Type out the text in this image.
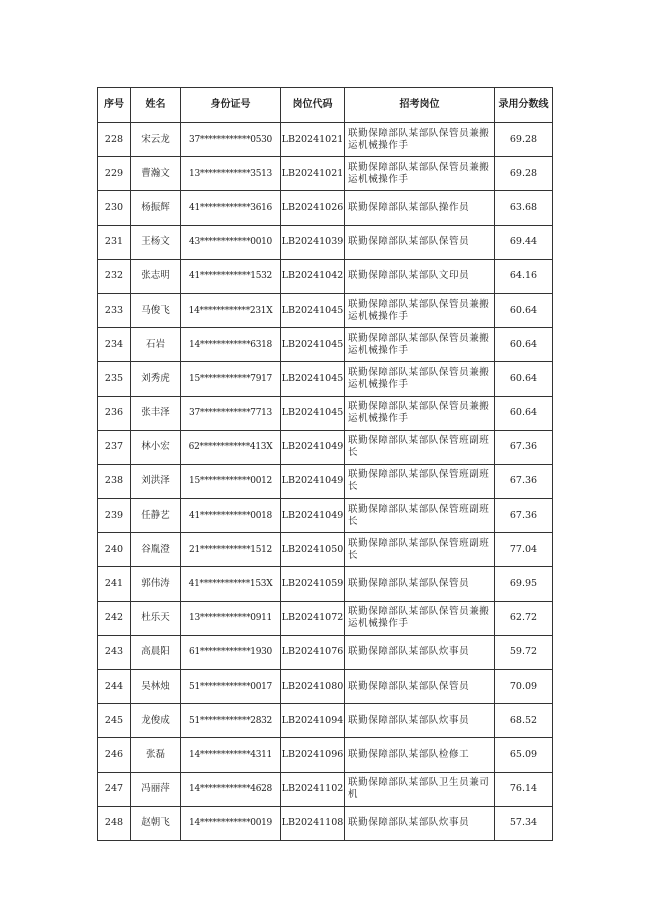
序号	姓名	身份证号	岗位代码	招考岗位	录用分数线
228	宋云龙	37************0530	LB20241021	联勤保障部队某部队保管员兼搬运机械操作手	69.28
229	曹瀚文	13************3513	LB20241021	联勤保障部队某部队保管员兼搬运机械操作手	69.28
230	杨振辉	41************3616	LB20241026	联勤保障部队某部队操作员	63.68
231	王杨文	43************0010	LB20241039	联勤保障部队某部队保管员	69.44
232	张志明	41************1532	LB20241042	联勤保障部队某部队文印员	64.16
233	马俊飞	14************231X	LB20241045	联勤保障部队某部队保管员兼搬运机械操作手	60.64
234	石岩	14************6318	LB20241045	联勤保障部队某部队保管员兼搬运机械操作手	60.64
235	刘秀虎	15************7917	LB20241045	联勤保障部队某部队保管员兼搬运机械操作手	60.64
236	张丰泽	37************7713	LB20241045	联勤保障部队某部队保管员兼搬运机械操作手	60.64
237	林小宏	62************413X	LB20241049	联勤保障部队某部队保管班副班长	67.36
238	刘洪泽	15************0012	LB20241049	联勤保障部队某部队保管班副班长	67.36
239	任静艺	41************0018	LB20241049	联勤保障部队某部队保管班副班长	67.36
240	谷胤澄	21************1512	LB20241050	联勤保障部队某部队保管班副班长	77.04
241	郭伟涛	41************153X	LB20241059	联勤保障部队某部队保管员	69.95
242	杜乐天	13************0911	LB20241072	联勤保障部队某部队保管员兼搬运机械操作手	62.72
243	高晨阳	61************1930	LB20241076	联勤保障部队某部队炊事员	59.72
244	吴林烛	51************0017	LB20241080	联勤保障部队某部队保管员	70.09
245	龙俊成	51************2832	LB20241094	联勤保障部队某部队炊事员	68.52
246	张磊	14************4311	LB20241096	联勤保障部队某部队检修工	65.09
247	冯丽萍	14************4628	LB20241102	联勤保障部队某部队卫生员兼司机	76.14
248	赵朝飞	14************0019	LB20241108	联勤保障部队某部队炊事员	57.34
